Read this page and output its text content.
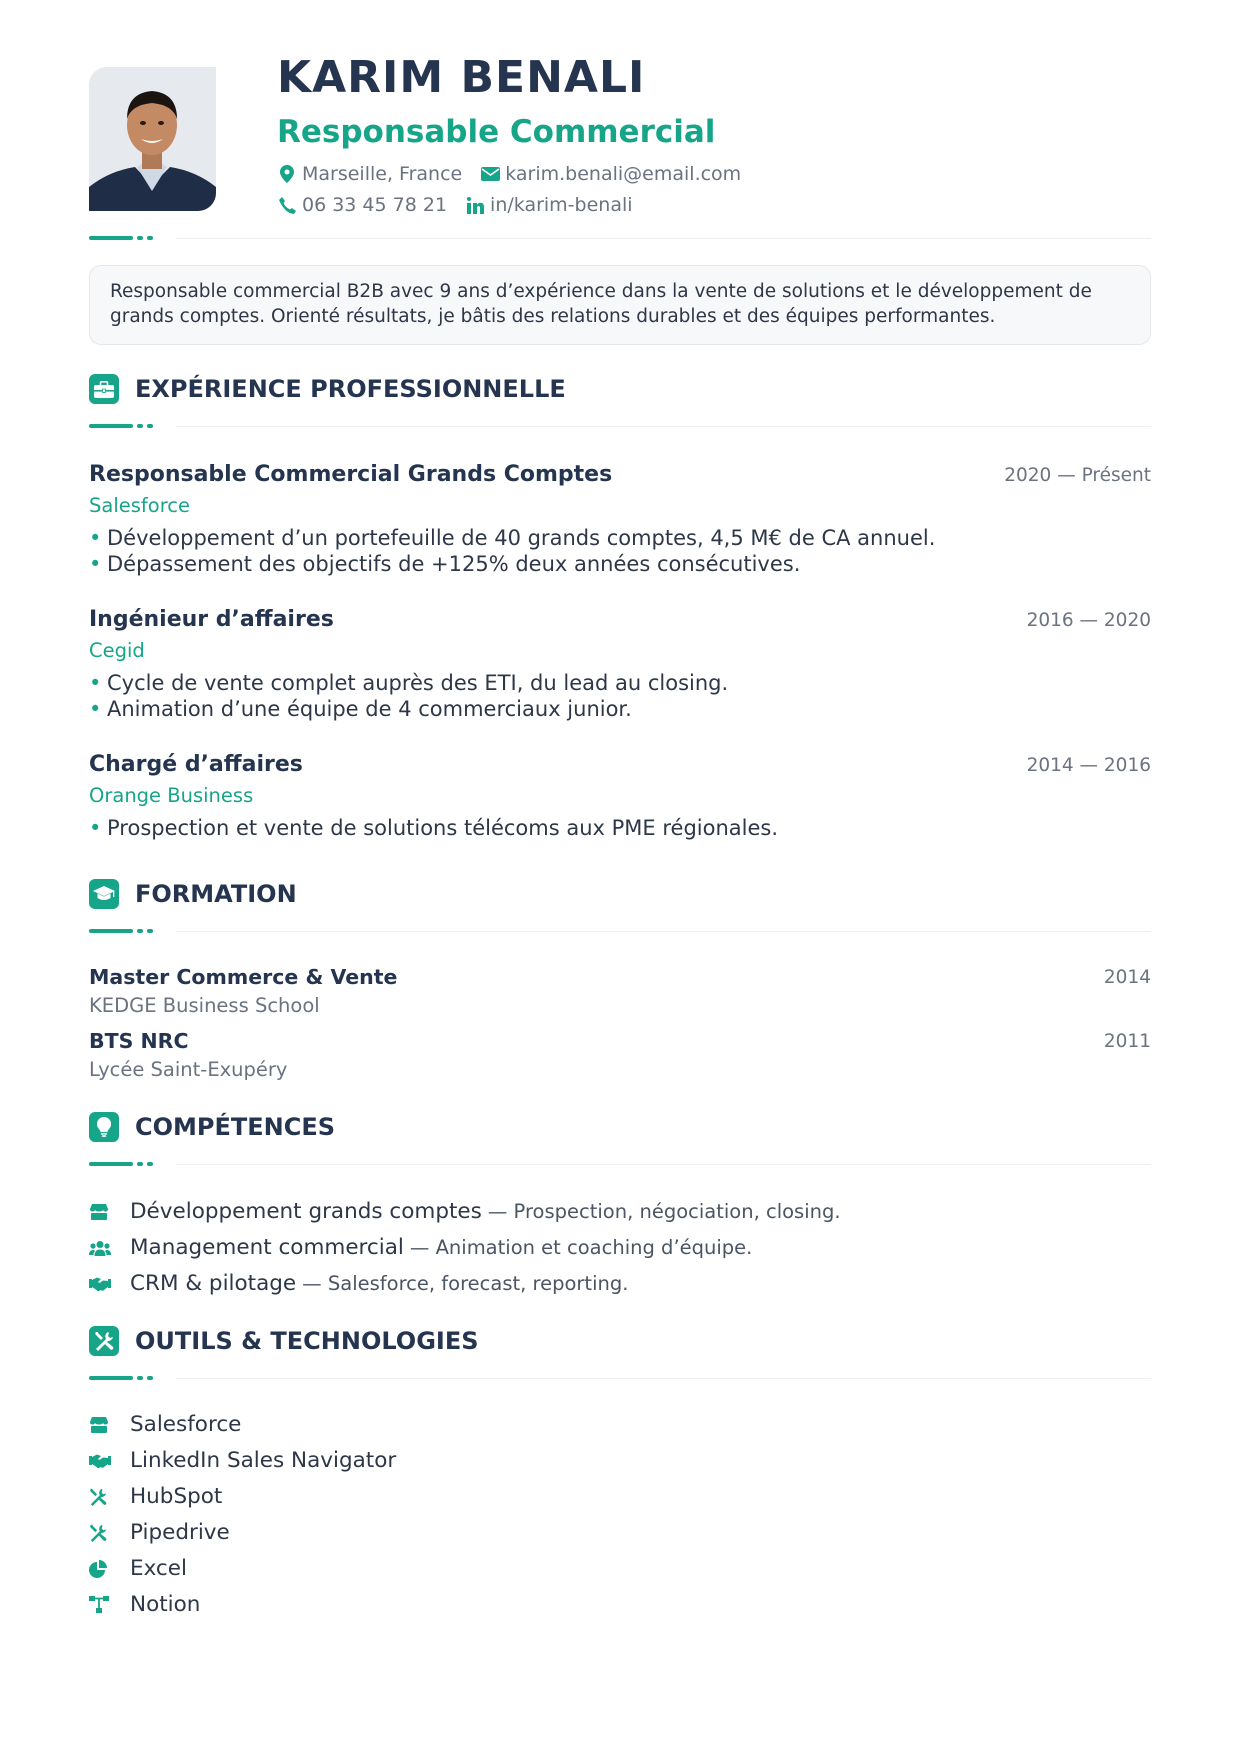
KARIM BENALI
Responsable Commercial
Marseille, France karim.benali@email.com
06 33 45 78 21 in/karim-benali
Responsable commercial B2B avec 9 ans d’expérience dans la vente de solutions et le développement de grands comptes. Orienté résultats, je bâtis des relations durables et des équipes performantes.
EXPÉRIENCE PROFESSIONNELLE
Responsable Commercial Grands Comptes	2020 — Présent
Salesforce
• Développement d’un portefeuille de 40 grands comptes, 4,5 M€ de CA annuel.
• Dépassement des objectifs de +125% deux années consécutives.
Ingénieur d’affaires	2016 — 2020
Cegid
• Cycle de vente complet auprès des ETI, du lead au closing.
• Animation d’une équipe de 4 commerciaux junior.
Chargé d’affaires	2014 — 2016
Orange Business
• Prospection et vente de solutions télécoms aux PME régionales.
FORMATION
Master Commerce & Vente	2014
KEDGE Business School
BTS NRC	2011
Lycée Saint-Exupéry
COMPÉTENCES
Développement grands comptes — Prospection, négociation, closing.
Management commercial — Animation et coaching d’équipe.
CRM & pilotage — Salesforce, forecast, reporting.
OUTILS & TECHNOLOGIES
Salesforce
LinkedIn Sales Navigator
HubSpot
Pipedrive
Excel
Notion
